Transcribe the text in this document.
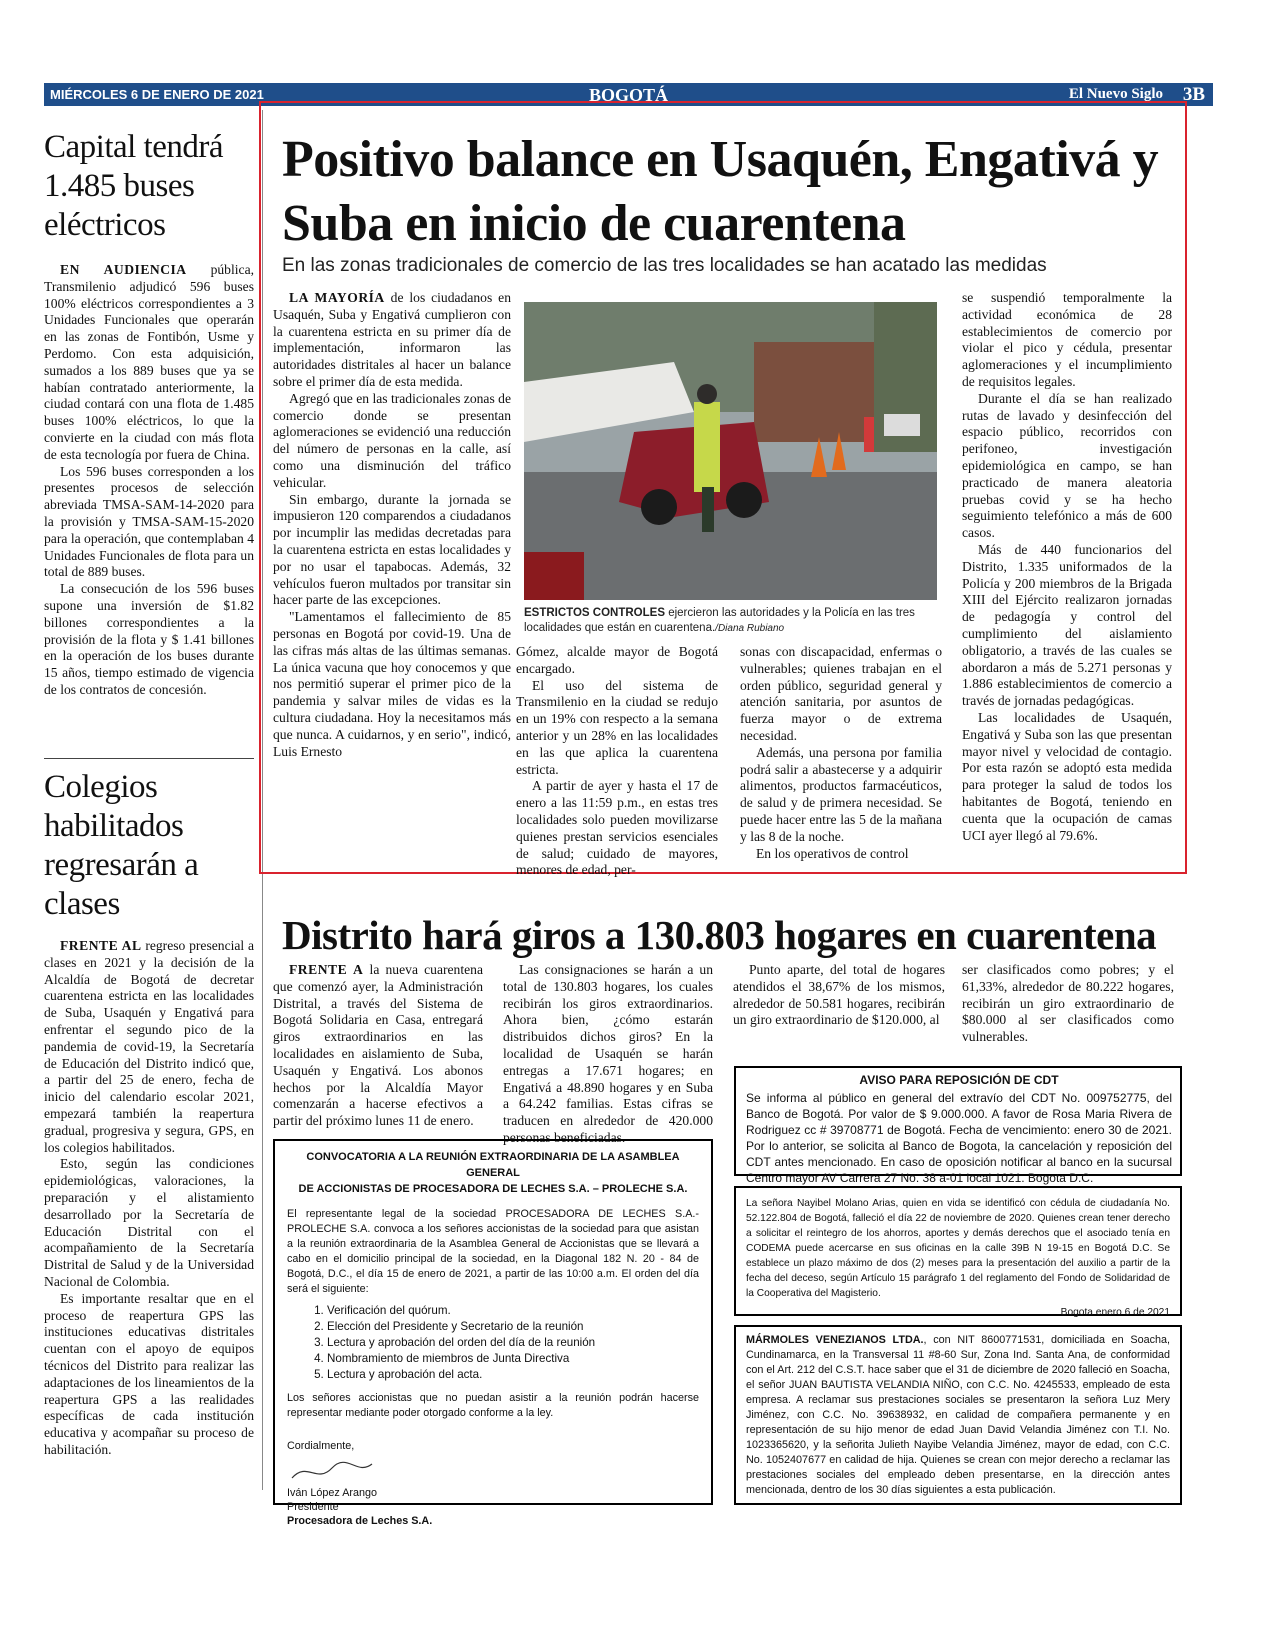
MIÉRCOLES 6 DE ENERO DE 2021	BOGOTÁ	El Nuevo Siglo 3B
Capital tendrá 1.485 buses eléctricos

EN AUDIENCIA pública, Transmilenio adjudicó 596 buses 100% eléctricos correspondientes a 3 Unidades Funcionales que operarán en las zonas de Fontibón, Usme y Perdomo. Con esta adquisición, sumados a los 889 buses que ya se habían contratado anteriormente, la ciudad contará con una flota de 1.485 buses 100% eléctricos, lo que la convierte en la ciudad con más flota de esta tecnología por fuera de China.

Los 596 buses corresponden a los presentes procesos de selección abreviada TMSA-SAM-14-2020 para la provisión y TMSA-SAM-15-2020 para la operación, que contemplaban 4 Unidades Funcionales de flota para un total de 889 buses.

La consecución de los 596 buses supone una inversión de $1.82 billones correspondientes a la provisión de la flota y $ 1.41 billones en la operación de los buses durante 15 años, tiempo estimado de vigencia de los contratos de concesión.

Colegios habilitados regresarán a clases

FRENTE AL regreso presencial a clases en 2021 y la decisión de la Alcaldía de Bogotá de decretar cuarentena estricta en las localidades de Suba, Usaquén y Engativá para enfrentar el segundo pico de la pandemia de covid-19, la Secretaría de Educación del Distrito indicó que, a partir del 25 de enero, fecha de inicio del calendario escolar 2021, empezará también la reapertura gradual, progresiva y segura, GPS, en los colegios habilitados.

Esto, según las condiciones epidemiológicas, valoraciones, la preparación y el alistamiento desarrollado por la Secretaría de Educación Distrital con el acompañamiento de la Secretaría Distrital de Salud y de la Universidad Nacional de Colombia.

Es importante resaltar que en el proceso de reapertura GPS las instituciones educativas distritales cuentan con el apoyo de equipos técnicos del Distrito para realizar las adaptaciones de los lineamientos de la reapertura GPS a las realidades específicas de cada institución educativa y acompañar su proceso de habilitación.

Positivo balance en Usaquén, Engativá y Suba en inicio de cuarentena
En las zonas tradicionales de comercio de las tres localidades se han acatado las medidas

LA MAYORÍA de los ciudadanos en Usaquén, Suba y Engativá cumplieron con la cuarentena estricta en su primer día de implementación, informaron las autoridades distritales al hacer un balance sobre el primer día de esta medida.

Agregó que en las tradicionales zonas de comercio donde se presentan aglomeraciones se evidenció una reducción del número de personas en la calle, así como una disminución del tráfico vehicular.

Sin embargo, durante la jornada se impusieron 120 comparendos a ciudadanos por incumplir las medidas decretadas para la cuarentena estricta en estas localidades y por no usar el tapabocas. Además, 32 vehículos fueron multados por transitar sin hacer parte de las excepciones.

"Lamentamos el fallecimiento de 85 personas en Bogotá por covid-19. Una de las cifras más altas de las últimas semanas. La única vacuna que hoy conocemos y que nos permitió superar el primer pico de la pandemia y salvar miles de vidas es la cultura ciudadana. Hoy la necesitamos más que nunca. A cuidarnos, y en serio", indicó, Luis Ernesto

ESTRICTOS CONTROLES ejercieron las autoridades y la Policía en las tres localidades que están en cuarentena./Diana Rubiano

Gómez, alcalde mayor de Bogotá encargado.

El uso del sistema de Transmilenio en la ciudad se redujo en un 19% con respecto a la semana anterior y un 28% en las localidades en las que aplica la cuarentena estricta.

A partir de ayer y hasta el 17 de enero a las 11:59 p.m., en estas tres localidades solo pueden movilizarse quienes prestan servicios esenciales de salud; cuidado de mayores, menores de edad, per-

sonas con discapacidad, enfermas o vulnerables; quienes trabajan en el orden público, seguridad general y atención sanitaria, por asuntos de fuerza mayor o de extrema necesidad.

Además, una persona por familia podrá salir a abastecerse y a adquirir alimentos, productos farmacéuticos, de salud y de primera necesidad. Se puede hacer entre las 5 de la mañana y las 8 de la noche.

En los operativos de control

se suspendió temporalmente la actividad económica de 28 establecimientos de comercio por violar el pico y cédula, presentar aglomeraciones y el incumplimiento de requisitos legales.

Durante el día se han realizado rutas de lavado y desinfección del espacio público, recorridos con perifoneo, investigación epidemiológica en campo, se han practicado de manera aleatoria pruebas covid y se ha hecho seguimiento telefónico a más de 600 casos.

Más de 440 funcionarios del Distrito, 1.335 uniformados de la Policía y 200 miembros de la Brigada XIII del Ejército realizaron jornadas de pedagogía y control del cumplimiento del aislamiento obligatorio, a través de las cuales se abordaron a más de 5.271 personas y 1.886 establecimientos de comercio a través de jornadas pedagógicas.

Las localidades de Usaquén, Engativá y Suba son las que presentan mayor nivel y velocidad de contagio. Por esta razón se adoptó esta medida para proteger la salud de todos los habitantes de Bogotá, teniendo en cuenta que la ocupación de camas UCI ayer llegó al 79.6%.

Distrito hará giros a 130.803 hogares en cuarentena

FRENTE A la nueva cuarentena que comenzó ayer, la Administración Distrital, a través del Sistema de Bogotá Solidaria en Casa, entregará giros extraordinarios en las localidades en aislamiento de Suba, Usaquén y Engativá. Los abonos hechos por la Alcaldía Mayor comenzarán a hacerse efectivos a partir del próximo lunes 11 de enero.

Las consignaciones se harán a un total de 130.803 hogares, los cuales recibirán los giros extraordinarios. Ahora bien, ¿cómo estarán distribuidos dichos giros? En la localidad de Usaquén se harán entregas a 17.671 hogares; en Engativá a 48.890 hogares y en Suba a 64.242 familias. Estas cifras se traducen en alrededor de 420.000 personas beneficiadas.

Punto aparte, del total de hogares atendidos el 38,67% de los mismos, alrededor de 50.581 hogares, recibirán un giro extraordinario de $120.000, al

ser clasificados como pobres; y el 61,33%, alrededor de 80.222 hogares, recibirán un giro extraordinario de $80.000 al ser clasificados como vulnerables.

AVISO PARA REPOSICIÓN DE CDT
Se informa al público en general del extravío del CDT No. 009752775, del Banco de Bogotá. Por valor de $ 9.000.000. A favor de Rosa Maria Rivera de Rodriguez cc # 39708771 de Bogotá. Fecha de vencimiento: enero 30 de 2021. Por lo anterior, se solicita al Banco de Bogota, la cancelación y reposición del CDT antes mencionado. En caso de oposición notificar al banco en la sucursal Centro mayor AV Carrera 27 No. 38 a-01 local 1021. Bogota D.C.
La señora Nayibel Molano Arias, quien en vida se identificó con cédula de ciudadanía No. 52.122.804 de Bogotá, falleció el día 22 de noviembre de 2020. Quienes crean tener derecho a solicitar el reintegro de los ahorros, aportes y demás derechos que el asociado tenía en CODEMA puede acercarse en sus oficinas en la calle 39B N 19-15 en Bogotá D.C. Se establece un plazo máximo de dos (2) meses para la presentación del auxilio a partir de la fecha del deceso, según Artículo 15 parágrafo 1 del reglamento del Fondo de Solidaridad de la Cooperativa del Magisterio.
Bogota enero 6 de 2021
MÁRMOLES VENEZIANOS LTDA., con NIT 8600771531, domiciliada en Soacha, Cundinamarca, en la Transversal 11 #8-60 Sur, Zona Ind. Santa Ana, de conformidad con el Art. 212 del C.S.T. hace saber que el 31 de diciembre de 2020 falleció en Soacha, el señor JUAN BAUTISTA VELANDIA NIÑO, con C.C. No. 4245533, empleado de esta empresa. A reclamar sus prestaciones sociales se presentaron la señora Luz Mery Jiménez, con C.C. No. 39638932, en calidad de compañera permanente y en representación de su hijo menor de edad Juan David Velandia Jiménez con T.I. No. 1023365620, y la señorita Julieth Nayibe Velandia Jiménez, mayor de edad, con C.C. No. 1052407677 en calidad de hija. Quienes se crean con mejor derecho a reclamar las prestaciones sociales del empleado deben presentarse, en la dirección antes mencionada, dentro de los 30 días siguientes a esta publicación.
CONVOCATORIA A LA REUNIÓN EXTRAORDINARIA DE LA ASAMBLEA GENERAL
DE ACCIONISTAS DE PROCESADORA DE LECHES S.A. – PROLECHE S.A.
El representante legal de la sociedad PROCESADORA DE LECHES S.A.- PROLECHE S.A. convoca a los señores accionistas de la sociedad para que asistan a la reunión extraordinaria de la Asamblea General de Accionistas que se llevará a cabo en el domicilio principal de la sociedad, en la Diagonal 182 N. 20 - 84 de Bogotá, D.C., el día 15 de enero de 2021, a partir de las 10:00 a.m. El orden del día será el siguiente:
1. Verificación del quórum.
2. Elección del Presidente y Secretario de la reunión
3. Lectura y aprobación del orden del día de la reunión
4. Nombramiento de miembros de Junta Directiva
5. Lectura y aprobación del acta.
Los señores accionistas que no puedan asistir a la reunión podrán hacerse representar mediante poder otorgado conforme a la ley.
Cordialmente,
Iván López Arango
Presidente
Procesadora de Leches S.A.
